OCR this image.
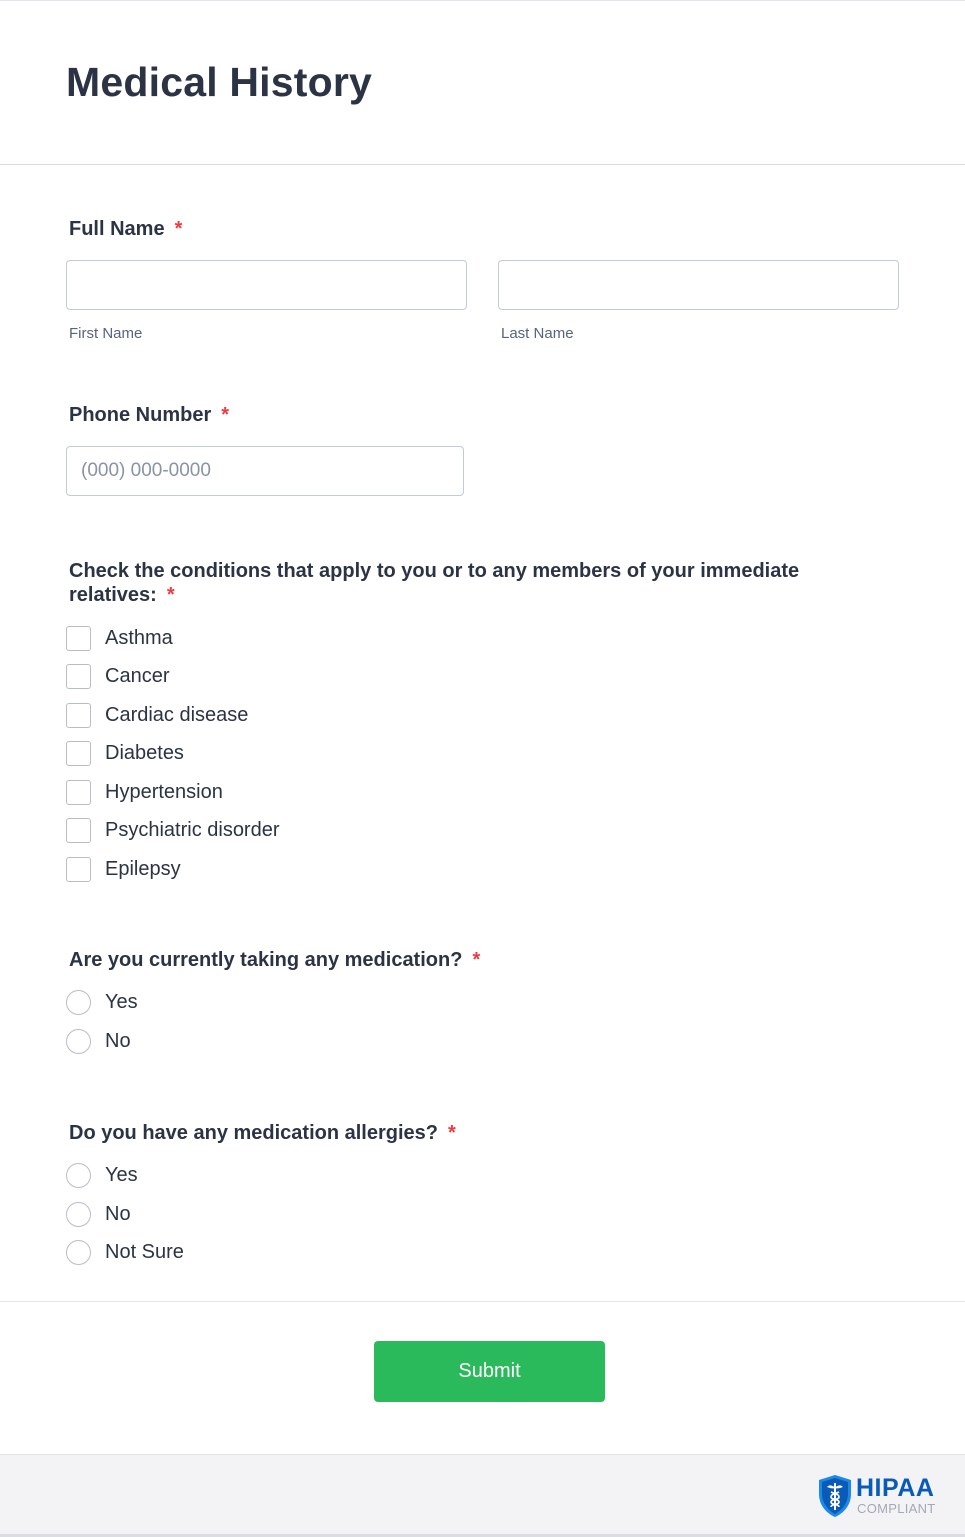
Medical History
Full Name *
First Name	Last Name
Phone Number *
(000) 000-0000
Check the conditions that apply to you or to any members of your immediate relatives: *
Asthma
Cancer
Cardiac disease
Diabetes
Hypertension
Psychiatric disorder
Epilepsy
Are you currently taking any medication? *
Yes
No
Do you have any medication allergies? *
Yes
No
Not Sure
Submit
HIPAA
COMPLIANT
